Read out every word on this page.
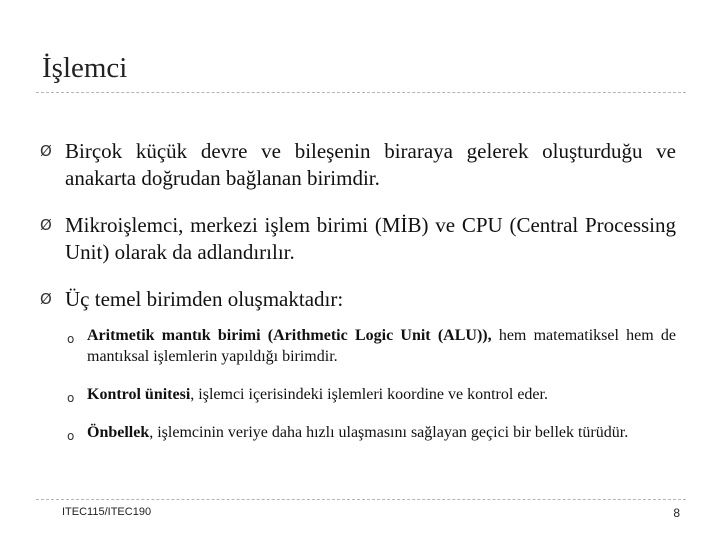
İşlemci
Ø Birçok küçük devre ve bileşenin biraraya gelerek oluşturduğu ve anakarta doğrudan bağlanan birimdir.
Ø Mikroişlemci, merkezi işlem birimi (MİB) ve CPU (Central Processing Unit) olarak da adlandırılır.
Ø Üç temel birimden oluşmaktadır:
o Aritmetik mantık birimi (Arithmetic Logic Unit (ALU)), hem matematiksel hem de mantıksal işlemlerin yapıldığı birimdir.
o Kontrol ünitesi, işlemci içerisindeki işlemleri koordine ve kontrol eder.
o Önbellek, işlemcinin veriye daha hızlı ulaşmasını sağlayan geçici bir bellek türüdür.
ITEC115/ITEC190	8
